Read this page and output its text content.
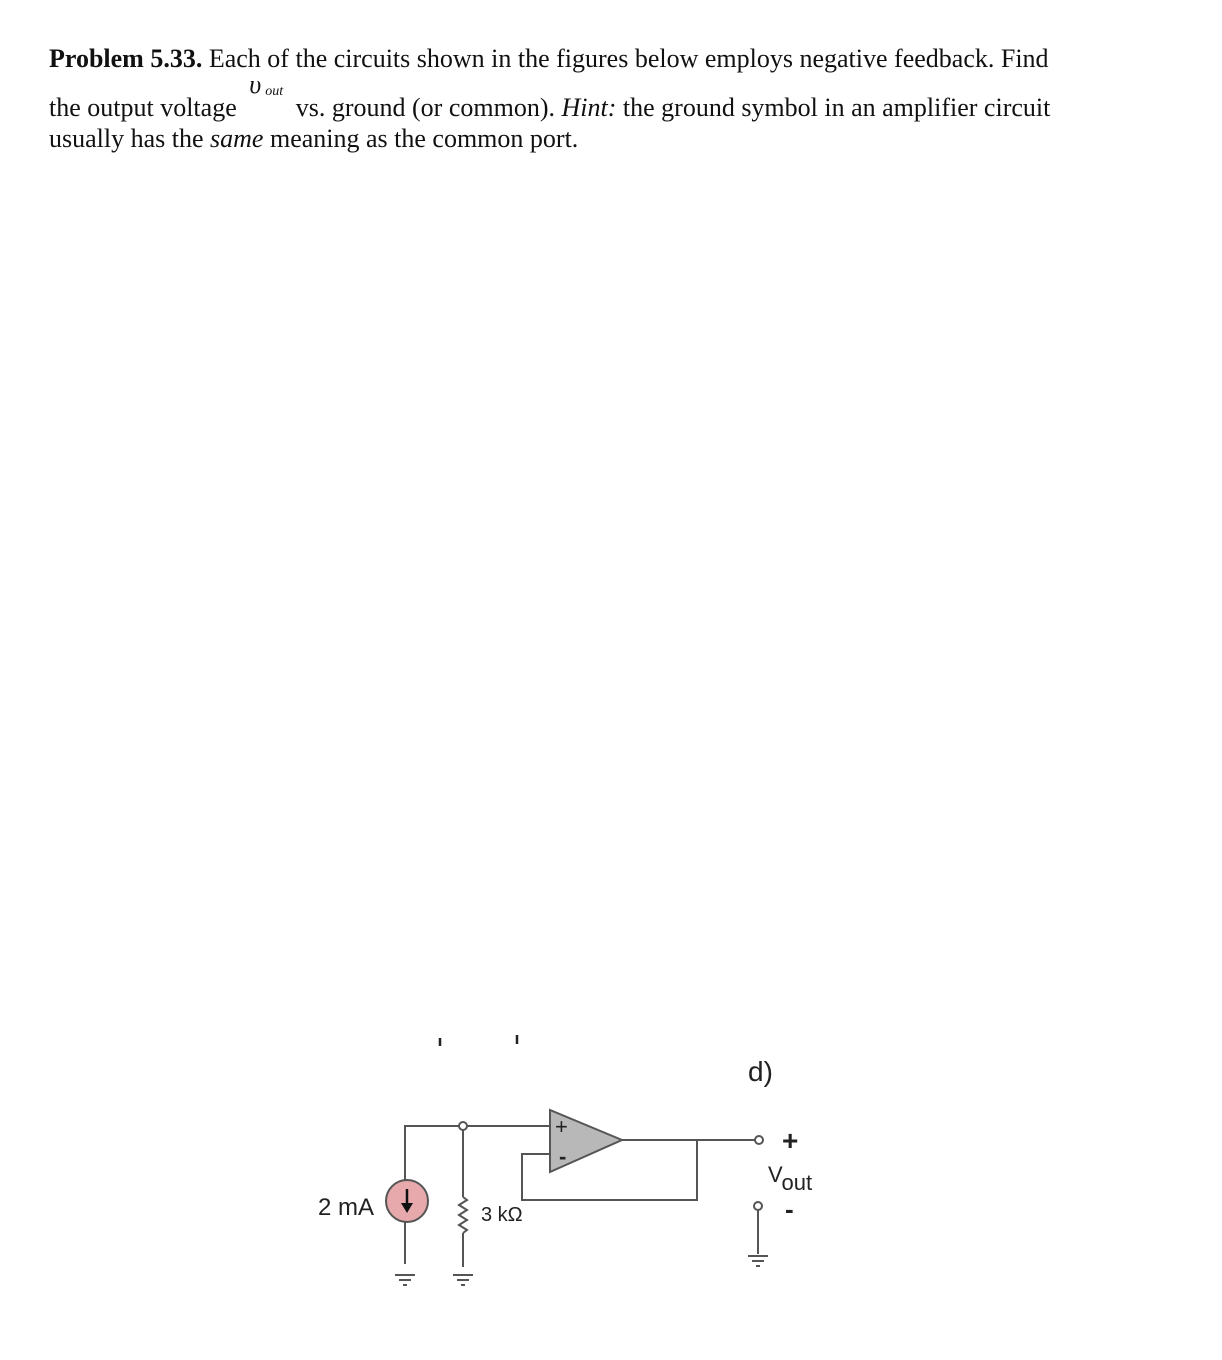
Problem 5.33. Each of the circuits shown in the figures below employs negative feedback. Find
the output voltage
υ out
vs. ground (or common). Hint: the ground symbol in an amplifier circuit
usually has the same meaning as the common port.
d)
2 mA	3 kΩ
+
-
+
Vout
-
